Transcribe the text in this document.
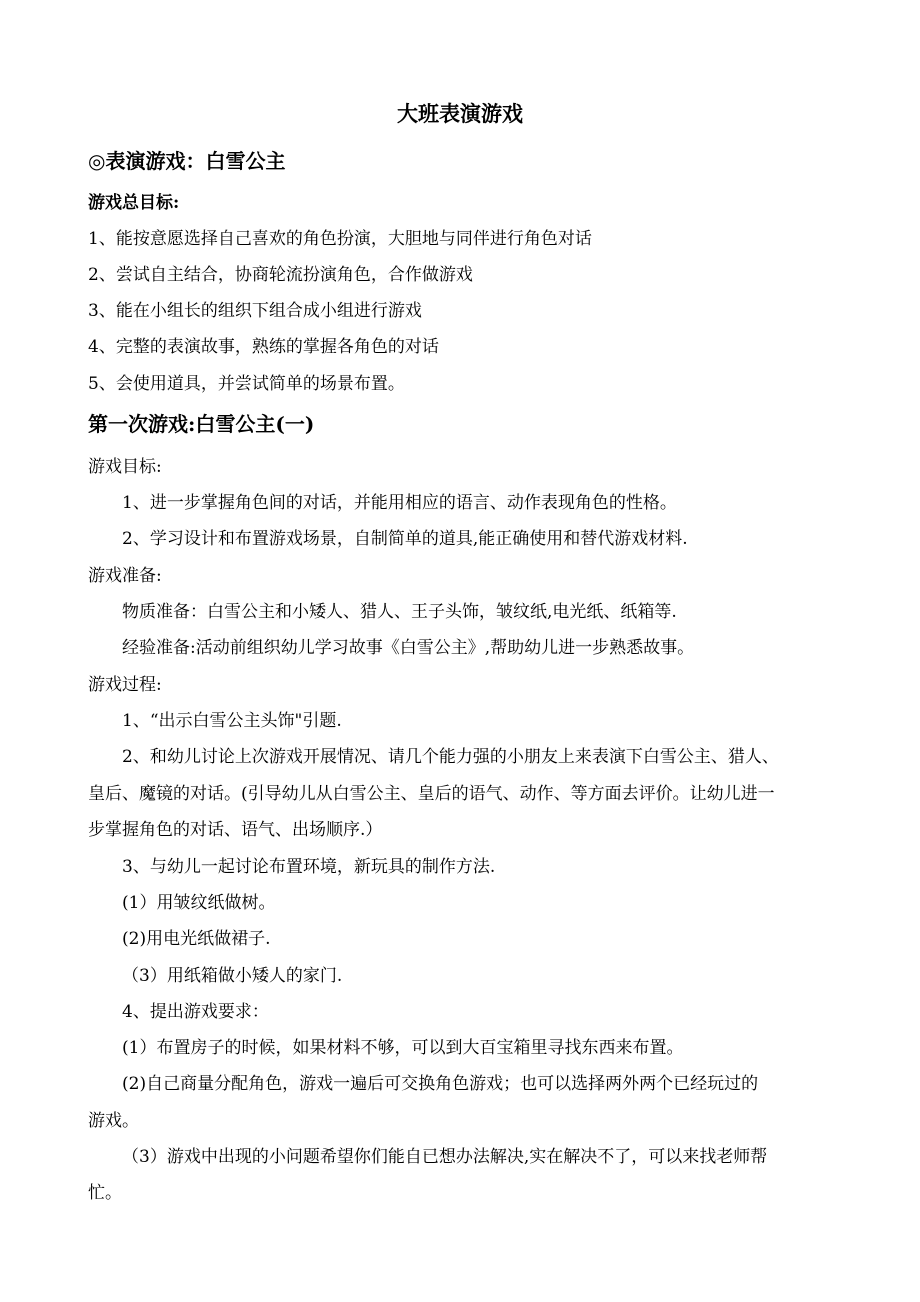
大班表演游戏
◎表演游戏：白雪公主
游戏总目标:
1、能按意愿选择自己喜欢的角色扮演，大胆地与同伴进行角色对话
2、尝试自主结合，协商轮流扮演角色，合作做游戏
3、能在小组长的组织下组合成小组进行游戏
4、完整的表演故事，熟练的掌握各角色的对话
5、会使用道具，并尝试简单的场景布置。
第一次游戏:白雪公主(一)
游戏目标:
1、进一步掌握角色间的对话，并能用相应的语言、动作表现角色的性格。
2、学习设计和布置游戏场景，自制简单的道具,能正确使用和替代游戏材料.
游戏准备:
物质准备：白雪公主和小矮人、猎人、王子头饰，皱纹纸,电光纸、纸箱等.
经验准备:活动前组织幼儿学习故事《白雪公主》,帮助幼儿进一步熟悉故事。
游戏过程:
1、“出示白雪公主头饰"引题.
2、和幼儿讨论上次游戏开展情况、请几个能力强的小朋友上来表演下白雪公主、猎人、
皇后、魔镜的对话。(引导幼儿从白雪公主、皇后的语气、动作、等方面去评价。让幼儿进一
步掌握角色的对话、语气、出场顺序.）
3、与幼儿一起讨论布置环境，新玩具的制作方法.
(1）用皱纹纸做树。
(2)用电光纸做裙子.
（3）用纸箱做小矮人的家门.
4、提出游戏要求：
(1）布置房子的时候，如果材料不够，可以到大百宝箱里寻找东西来布置。
(2)自己商量分配角色，游戏一遍后可交换角色游戏；也可以选择两外两个已经玩过的
游戏。
（3）游戏中出现的小问题希望你们能自已想办法解决,实在解决不了，可以来找老师帮
忙。
